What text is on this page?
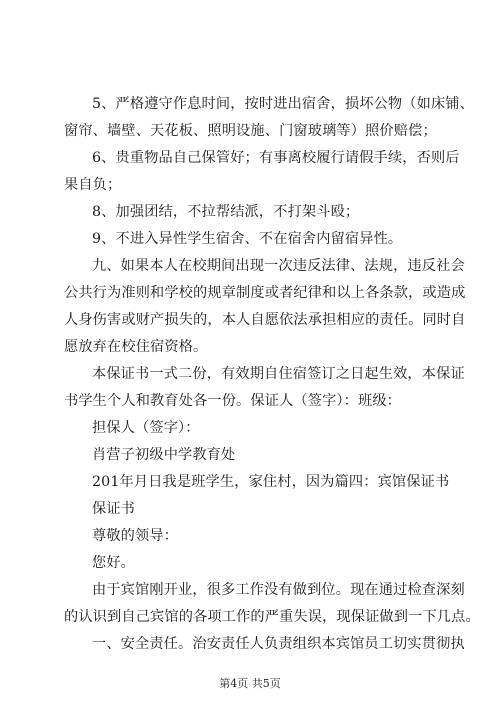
5、严格遵守作息时间，按时进出宿舍，损坏公物（如床铺、
窗帘、墙壁、天花板、照明设施、门窗玻璃等）照价赔偿；
6、贵重物品自己保管好；有事离校履行请假手续，否则后
果自负；
8、加强团结，不拉帮结派，不打架斗殴；
9、不进入异性学生宿舍、不在宿舍内留宿异性。
九、如果本人在校期间出现一次违反法律、法规，违反社会
公共行为准则和学校的规章制度或者纪律和以上各条款，或造成
人身伤害或财产损失的，本人自愿依法承担相应的责任。同时自
愿放弃在校住宿资格。
本保证书一式二份，有效期自住宿签订之日起生效，本保证
书学生个人和教育处各一份。保证人（签字）：班级：
担保人（签字）：
肖营子初级中学教育处
201年月日我是班学生，家住村，因为篇四：宾馆保证书
保证书
尊敬的领导：
您好。
由于宾馆刚开业，很多工作没有做到位。现在通过检查深刻
的认识到自己宾馆的各项工作的严重失误，现保证做到一下几点。
一、安全责任。治安责任人负责组织本宾馆员工切实贯彻执
第4页 共5页
